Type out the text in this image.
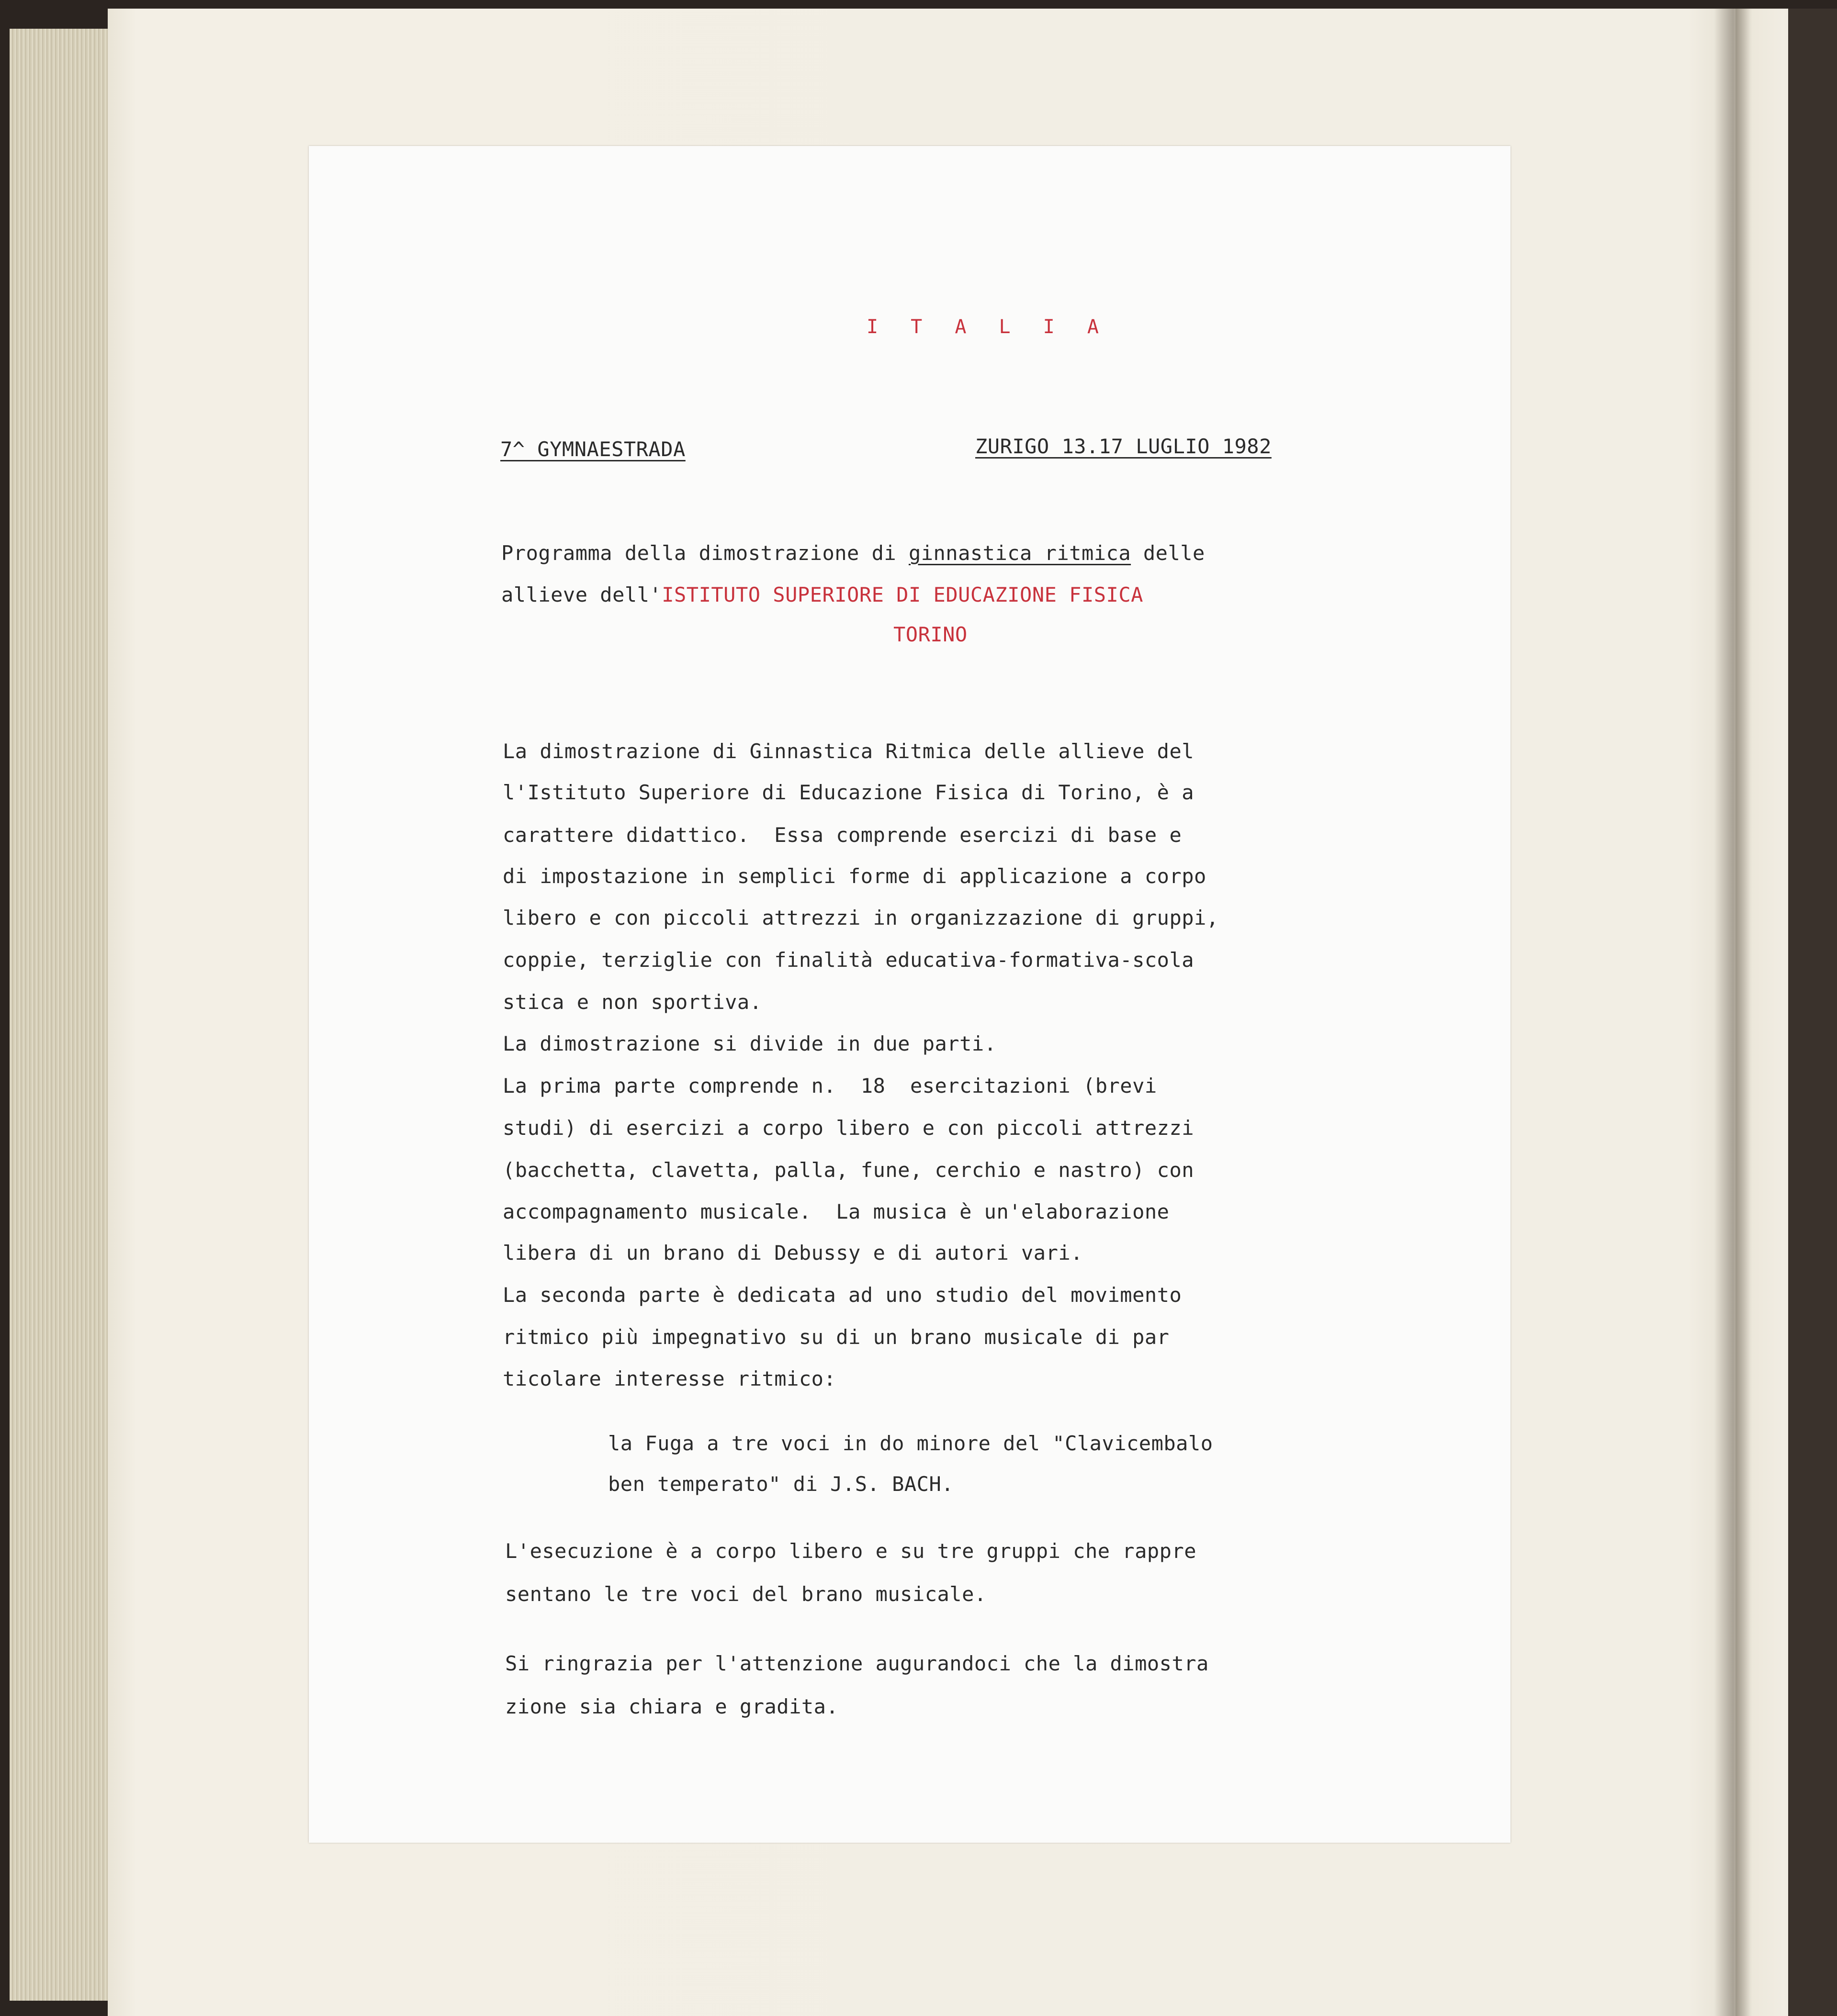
I T A L I A
7^ GYMNAESTRADA	ZURIGO 13.17 LUGLIO 1982
Programma della dimostrazione di ginnastica ritmica delle
allieve dell'ISTITUTO SUPERIORE DI EDUCAZIONE FISICA
TORINO
La dimostrazione di Ginnastica Ritmica delle allieve del
l'Istituto Superiore di Educazione Fisica di Torino, è a
carattere didattico.  Essa comprende esercizi di base e
di impostazione in semplici forme di applicazione a corpo
libero e con piccoli attrezzi in organizzazione di gruppi,
coppie, terziglie con finalità educativa-formativa-scola
stica e non sportiva.
La dimostrazione si divide in due parti.
La prima parte comprende n.  18  esercitazioni (brevi
studi) di esercizi a corpo libero e con piccoli attrezzi
(bacchetta, clavetta, palla, fune, cerchio e nastro) con
accompagnamento musicale.  La musica è un'elaborazione
libera di un brano di Debussy e di autori vari.
La seconda parte è dedicata ad uno studio del movimento
ritmico più impegnativo su di un brano musicale di par
ticolare interesse ritmico:
la Fuga a tre voci in do minore del "Clavicembalo
ben temperato" di J.S. BACH.
L'esecuzione è a corpo libero e su tre gruppi che rappre
sentano le tre voci del brano musicale.
Si ringrazia per l'attenzione augurandoci che la dimostra
zione sia chiara e gradita.
